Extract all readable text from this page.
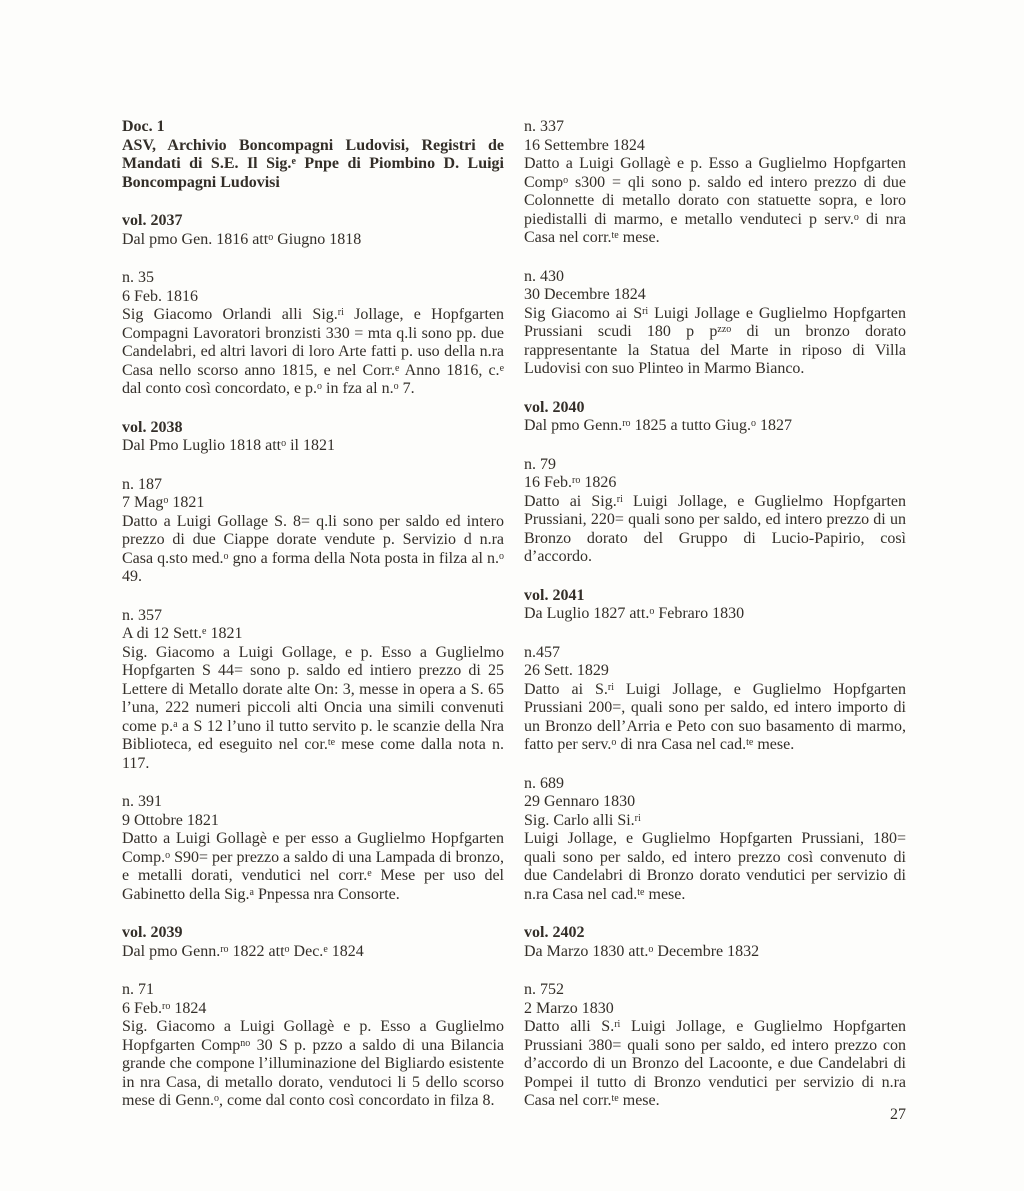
Doc. 1
ASV, Archivio Boncompagni Ludovisi, Registri de Mandati di S.E. Il Sig.$^e$ Pnpe di Piombino D. Luigi Boncompagni Ludovisi
vol. 2037
Dal pmo Gen. 1816 att$^o$ Giugno 1818
n. 35
6 Feb. 1816

Sig Giacomo Orlandi alli Sig.$^{ri}$ Jollage, e Hopfgarten Compagni Lavoratori bronzisti 330 = mta q.li sono pp. due Candelabri, ed altri lavori di loro Arte fatti p. uso della n.ra Casa nello scorso anno 1815, e nel Corr.$^e$ Anno 1816, c.$^e$ dal conto così concordato, e p.$^o$ in fza al n.$^o$ 7.

vol. 2038
Dal Pmo Luglio 1818 att$^o$ il 1821
n. 187
7 Mag$^o$ 1821

Datto a Luigi Gollage S. 8= q.li sono per saldo ed intero prezzo di due Ciappe dorate vendute p. Servizio d n.ra Casa q.sto med.$^o$ gno a forma della Nota posta in filza al n.$^o$ 49.

n. 357
A di 12 Sett.$^e$ 1821

Sig. Giacomo a Luigi Gollage, e p. Esso a Guglielmo Hopfgarten S 44= sono p. saldo ed intiero prezzo di 25 Lettere di Metallo dorate alte On: 3, messe in opera a S. 65 l’una, 222 numeri piccoli alti Oncia una simili convenuti come p.$^a$ a S 12 l’uno il tutto servito p. le scanzie della Nra Biblioteca, ed eseguito nel cor.$^{te}$ mese come dalla nota n. 117.

n. 391
9 Ottobre 1821

Datto a Luigi Gollagè e per esso a Guglielmo Hopfgarten Comp.$^o$ S90= per prezzo a saldo di una Lampada di bronzo, e metalli dorati, vendutici nel corr.$^e$ Mese per uso del Gabinetto della Sig.$^a$ Pnpessa nra Consorte.

vol. 2039
Dal pmo Genn.$^{ro}$ 1822 att$^o$ Dec.$^e$ 1824
n. 71
6 Feb.$^{ro}$ 1824

Sig. Giacomo a Luigi Gollagè e p. Esso a Guglielmo Hopfgarten Comp$^{no}$ 30 S p. pzzo a saldo di una Bilancia grande che compone l’illuminazione del Bigliardo esistente in nra Casa, di metallo dorato, vendutoci li 5 dello scorso mese di Genn.$^o$, come dal conto così concordato in filza 8.

n. 337
16 Settembre 1824

Datto a Luigi Gollagè e p. Esso a Guglielmo Hopfgarten Comp$^o$ s300 = qli sono p. saldo ed intero prezzo di due Colonnette di metallo dorato con statuette sopra, e loro piedistalli di marmo, e metallo venduteci p serv.$^o$ di nra Casa nel corr.$^{te}$ mese.

n. 430
30 Decembre 1824

Sig Giacomo ai $S^{ri}$ Luigi Jollage e Guglielmo Hopfgarten Prussiani scudi 180 p $p^{zzo}$ di un bronzo dorato rappresentante la Statua del Marte in riposo di Villa Ludovisi con suo Plinteo in Marmo Bianco.

vol. 2040
Dal pmo Genn.$^{ro}$ 1825 a tutto Giug.$^o$ 1827
n. 79
16 Feb.$^{ro}$ 1826

Datto ai Sig.$^{ri}$ Luigi Jollage, e Guglielmo Hopfgarten Prussiani, 220= quali sono per saldo, ed intero prezzo di un Bronzo dorato del Gruppo di Lucio-Papirio, così d’accordo.

vol. 2041
Da Luglio 1827 att.$^o$ Febraro 1830
n.457
26 Sett. 1829

Datto ai S.$^{ri}$ Luigi Jollage, e Guglielmo Hopfgarten Prussiani 200=, quali sono per saldo, ed intero importo di un Bronzo dell’Arria e Peto con suo basamento di marmo, fatto per serv.$^o$ di nra Casa nel cad.$^{te}$ mese.

n. 689
29 Gennaro 1830
Sig. Carlo alli Si.$^{ri}$

Luigi Jollage, e Guglielmo Hopfgarten Prussiani, 180= quali sono per saldo, ed intero prezzo così convenuto di due Candelabri di Bronzo dorato vendutici per servizio di n.ra Casa nel cad.$^{te}$ mese.

vol. 2402
Da Marzo 1830 att.$^o$ Decembre 1832
n. 752
2 Marzo 1830

Datto alli S.$^{ri}$ Luigi Jollage, e Guglielmo Hopfgarten Prussiani 380= quali sono per saldo, ed intero prezzo con d’accordo di un Bronzo del Lacoonte, e due Candelabri di Pompei il tutto di Bronzo vendutici per servizio di n.ra Casa nel corr.$^{te}$ mese.

27
